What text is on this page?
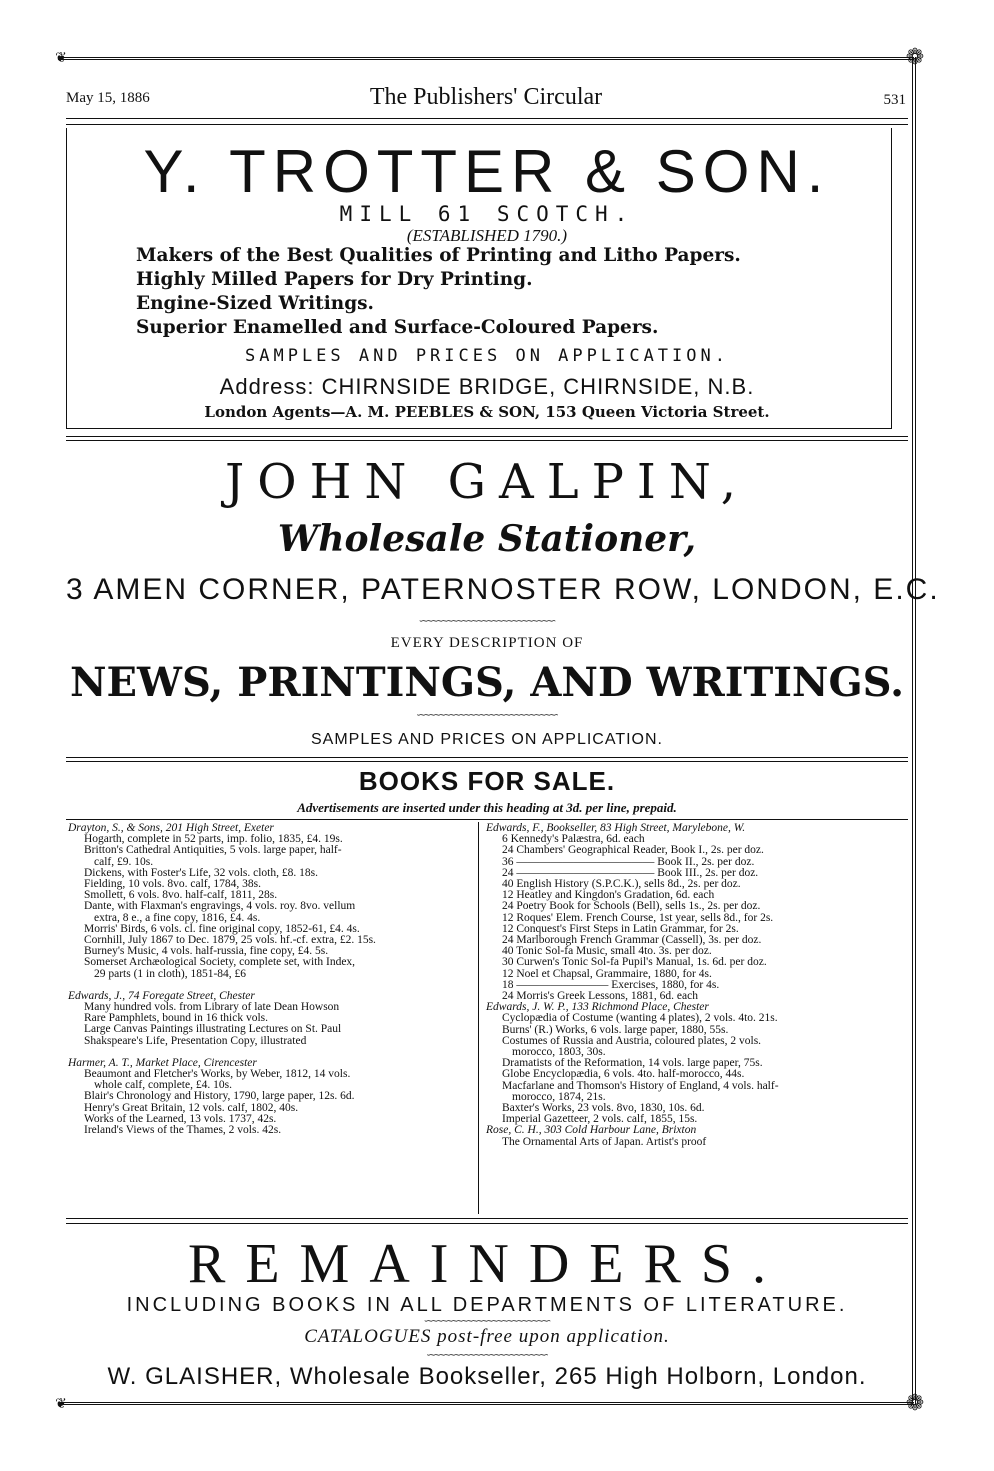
❁
❁
❦
❦
May 15, 1886	The Publishers' Circular	531
Y. TROTTER & SON.
MILL 61 SCOTCH.
(ESTABLISHED 1790.)
Makers of the Best Qualities of Printing and Litho Papers.
Highly Milled Papers for Dry Printing.
Engine-Sized Writings.
Superior Enamelled and Surface-Coloured Papers.
SAMPLES AND PRICES ON APPLICATION.
Address: CHIRNSIDE BRIDGE, CHIRNSIDE, N.B.
London Agents—A. M. PEEBLES & SON, 153 Queen Victoria Street.
JOHN GALPIN,
Wholesale Stationer,
3 AMEN CORNER, PATERNOSTER ROW, LONDON, E.C.
∽∽∽∽∽∽∽∽∽∽∽∽∽∽∽∽∽∽∽∽∽∽∽∽∽∽∽
EVERY DESCRIPTION OF
NEWS, PRINTINGS, AND WRITINGS.
∽∽∽∽∽∽∽∽∽∽∽∽∽∽∽∽∽∽∽∽∽∽∽∽∽∽∽∽
SAMPLES AND PRICES ON APPLICATION.
BOOKS FOR SALE.
Advertisements are inserted under this heading at 3d. per line, prepaid.
Drayton, S., & Sons, 201 High Street, Exeter
Hogarth, complete in 52 parts, imp. folio, 1835, £4. 19s.
Britton's Cathedral Antiquities, 5 vols. large paper, half-
calf, £9. 10s.
Dickens, with Foster's Life, 32 vols. cloth, £8. 18s.
Fielding, 10 vols. 8vo. calf, 1784, 38s.
Smollett, 6 vols. 8vo. half-calf, 1811, 28s.
Dante, with Flaxman's engravings, 4 vols. roy. 8vo. vellum
extra, 8 e., a fine copy, 1816, £4. 4s.
Morris' Birds, 6 vols. cl. fine original copy, 1852-61, £4. 4s.
Cornhill, July 1867 to Dec. 1879, 25 vols. hf.-cf. extra, £2. 15s.
Burney's Music, 4 vols. half-russia, fine copy, £4. 5s.
Somerset Archæological Society, complete set, with Index,
29 parts (1 in cloth), 1851-84, £6
Edwards, J., 74 Foregate Street, Chester
Many hundred vols. from Library of late Dean Howson
Rare Pamphlets, bound in 16 thick vols.
Large Canvas Paintings illustrating Lectures on St. Paul
Shakspeare's Life, Presentation Copy, illustrated
Harmer, A. T., Market Place, Cirencester
Beaumont and Fletcher's Works, by Weber, 1812, 14 vols.
whole calf, complete, £4. 10s.
Blair's Chronology and History, 1790, large paper, 12s. 6d.
Henry's Great Britain, 12 vols. calf, 1802, 40s.
Works of the Learned, 13 vols. 1737, 42s.
Ireland's Views of the Thames, 2 vols. 42s.
Edwards, F., Bookseller, 83 High Street, Marylebone, W.
6 Kennedy's Palæstra, 6d. each
24 Chambers' Geographical Reader, Book I., 2s. per doz.
36 ———————————— Book II., 2s. per doz.
24 ———————————— Book III., 2s. per doz.
40 English History (S.P.C.K.), sells 8d., 2s. per doz.
12 Heatley and Kingdon's Gradation, 6d. each
24 Poetry Book for Schools (Bell), sells 1s., 2s. per doz.
12 Roques' Elem. French Course, 1st year, sells 8d., for 2s.
12 Conquest's First Steps in Latin Grammar, for 2s.
24 Marlborough French Grammar (Cassell), 3s. per doz.
40 Tonic Sol-fa Music, small 4to. 3s. per doz.
30 Curwen's Tonic Sol-fa Pupil's Manual, 1s. 6d. per doz.
12 Noel et Chapsal, Grammaire, 1880, for 4s.
18 ———————— Exercises, 1880, for 4s.
24 Morris's Greek Lessons, 1881, 6d. each
Edwards, J. W. P., 133 Richmond Place, Chester
Cyclopædia of Costume (wanting 4 plates), 2 vols. 4to. 21s.
Burns' (R.) Works, 6 vols. large paper, 1880, 55s.
Costumes of Russia and Austria, coloured plates, 2 vols.
morocco, 1803, 30s.
Dramatists of the Reformation, 14 vols. large paper, 75s.
Globe Encyclopædia, 6 vols. 4to. half-morocco, 44s.
Macfarlane and Thomson's History of England, 4 vols. half-
morocco, 1874, 21s.
Baxter's Works, 23 vols. 8vo, 1830, 10s. 6d.
Imperial Gazetteer, 2 vols. calf, 1855, 15s.
Rose, C. H., 303 Cold Harbour Lane, Brixton
The Ornamental Arts of Japan. Artist's proof
REMAINDERS.
INCLUDING BOOKS IN ALL DEPARTMENTS OF LITERATURE.
∽∽∽∽∽∽∽∽∽∽∽∽∽∽∽∽∽∽∽∽∽∽∽∽∽
CATALOGUES post-free upon application.
∽∽∽∽∽∽∽∽∽∽∽∽∽∽∽∽∽∽∽∽∽∽∽∽
W. GLAISHER, Wholesale Bookseller, 265 High Holborn, London.
